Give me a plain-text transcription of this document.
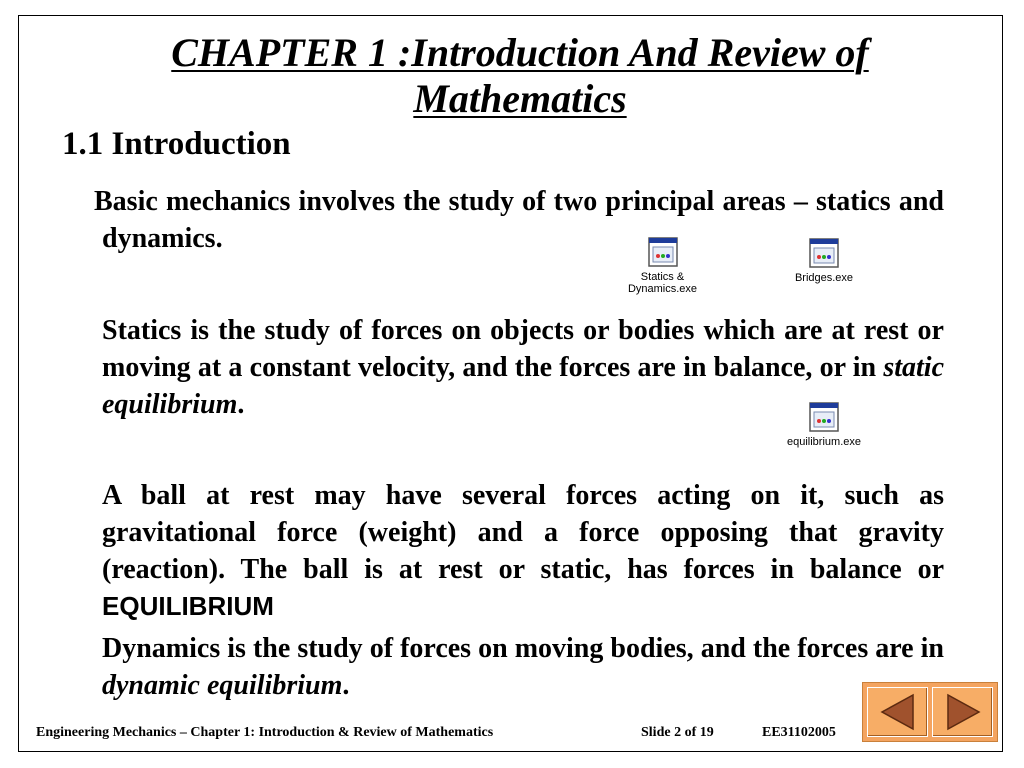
CHAPTER 1 :Introduction And Review of Mathematics
1.1 Introduction
Basic mechanics involves the study of two principal areas – statics and dynamics.
Statics is the study of forces on objects or bodies which are at rest or moving at a constant velocity, and the forces are in balance, or in static equilibrium.
A ball at rest may have several forces acting on it, such as gravitational force (weight) and a force opposing that gravity (reaction). The ball is at rest or static, has forces in balance or EQUILIBRIUM
Dynamics is the study of forces on moving bodies, and the forces are in dynamic equilibrium.
Statics & Dynamics.exe
Bridges.exe
equilibrium.exe
Engineering Mechanics – Chapter 1: Introduction & Review of Mathematics	Slide 2 of 19	EE31102005
